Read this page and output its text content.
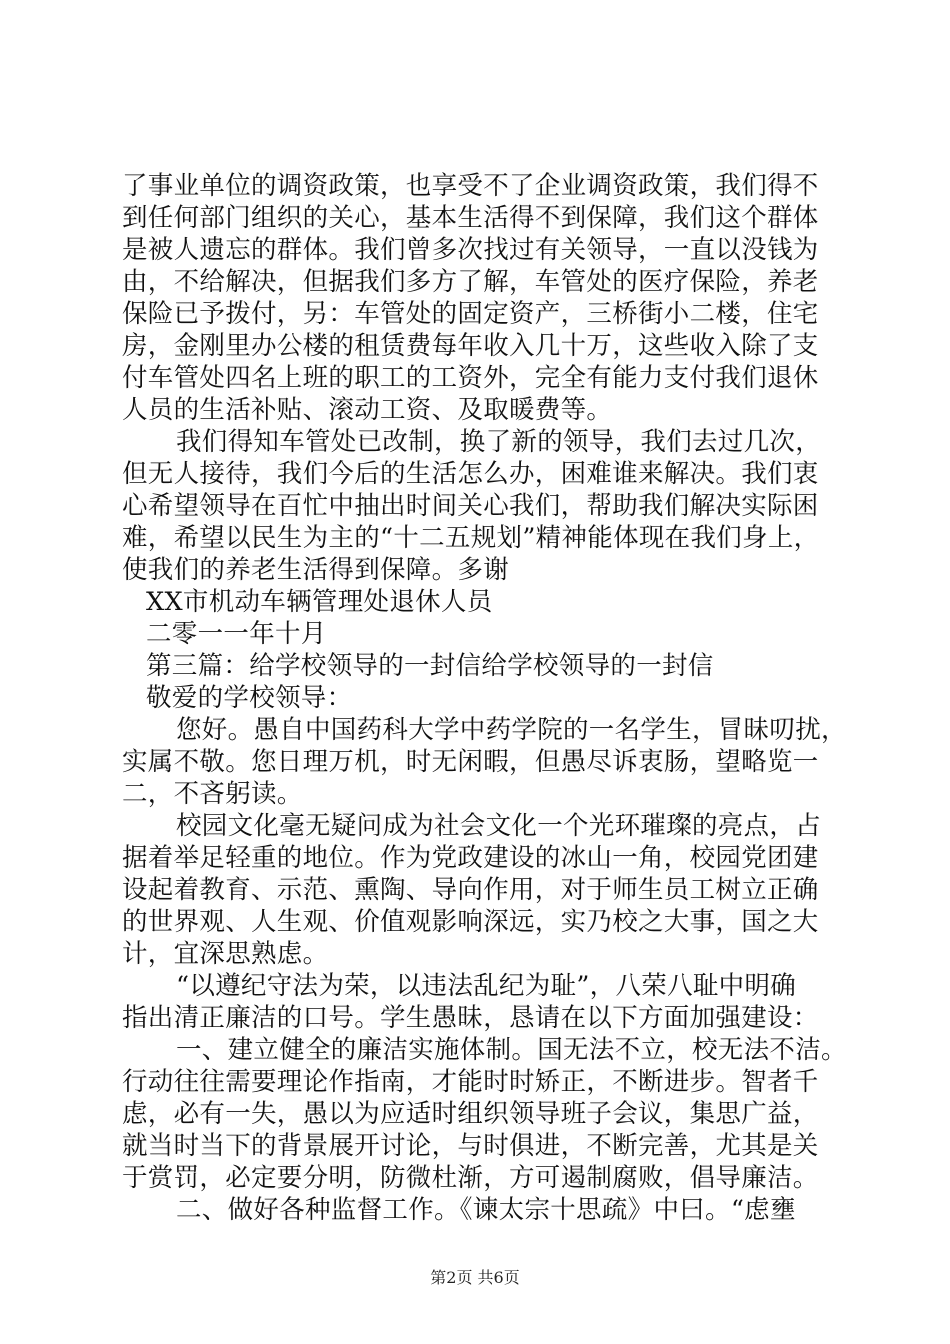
了事业单位的调资政策，也享受不了企业调资政策，我们得不
到任何部门组织的关心，基本生活得不到保障，我们这个群体
是被人遗忘的群体。我们曾多次找过有关领导，一直以没钱为
由，不给解决，但据我们多方了解，车管处的医疗保险，养老
保险已予拨付，另：车管处的固定资产，三桥街小二楼，住宅
房，金刚里办公楼的租赁费每年收入几十万，这些收入除了支
付车管处四名上班的职工的工资外，完全有能力支付我们退休
人员的生活补贴、滚动工资、及取暖费等。
我们得知车管处已改制，换了新的领导，我们去过几次，
但无人接待，我们今后的生活怎么办，困难谁来解决。我们衷
心希望领导在百忙中抽出时间关心我们，帮助我们解决实际困
难，希望以民生为主的“十二五规划”精神能体现在我们身上，
使我们的养老生活得到保障。多谢
XX市机动车辆管理处退休人员
二零一一年十月
第三篇：给学校领导的一封信给学校领导的一封信
敬爱的学校领导：
您好。愚自中国药科大学中药学院的一名学生，冒昧叨扰，
实属不敬。您日理万机，时无闲暇，但愚尽诉衷肠，望略览一
二，不吝躬读。
校园文化毫无疑问成为社会文化一个光环璀璨的亮点，占
据着举足轻重的地位。作为党政建设的冰山一角，校园党团建
设起着教育、示范、熏陶、导向作用，对于师生员工树立正确
的世界观、人生观、价值观影响深远，实乃校之大事，国之大
计，宜深思熟虑。
“以遵纪守法为荣，以违法乱纪为耻”，八荣八耻中明确
指出清正廉洁的口号。学生愚昧，恳请在以下方面加强建设：
一、建立健全的廉洁实施体制。国无法不立，校无法不洁。
行动往往需要理论作指南，才能时时矫正，不断进步。智者千
虑，必有一失，愚以为应适时组织领导班子会议，集思广益，
就当时当下的背景展开讨论，与时俱进，不断完善，尤其是关
于赏罚，必定要分明，防微杜渐，方可遏制腐败，倡导廉洁。
二、做好各种监督工作。《谏太宗十思疏》中曰。“虑壅
第2页 共6页
